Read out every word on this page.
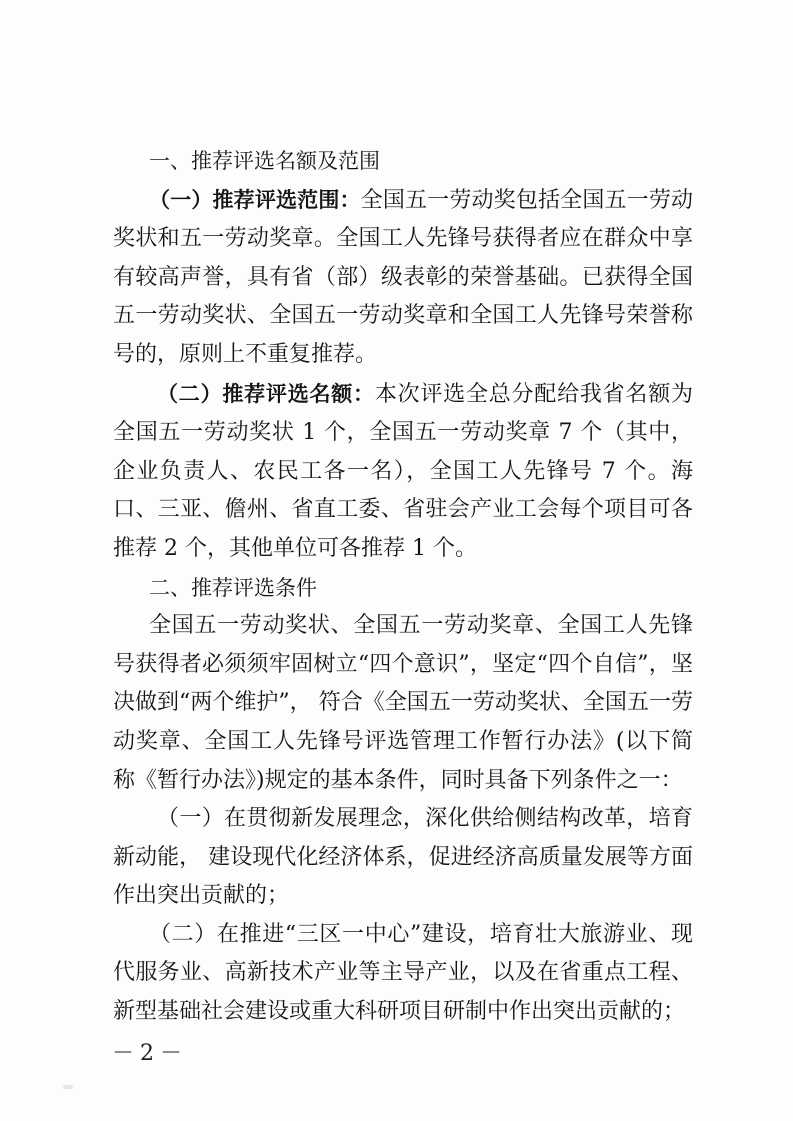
一、推荐评选名额及范围

（一）推荐评选范围：全国五一劳动奖包括全国五一劳动奖状和五一劳动奖章。全国工人先锋号获得者应在群众中享有较高声誉，具有省（部）级表彰的荣誉基础。已获得全国五一劳动奖状、全国五一劳动奖章和全国工人先锋号荣誉称号的，原则上不重复推荐。

（二）推荐评选名额：本次评选全总分配给我省名额为全国五一劳动奖状 1 个，全国五一劳动奖章 7 个（其中，企业负责人、农民工各一名），全国工人先锋号 7 个。海口、三亚、儋州、省直工委、省驻会产业工会每个项目可各推荐 2 个，其他单位可各推荐 1 个。

二、推荐评选条件

全国五一劳动奖状、全国五一劳动奖章、全国工人先锋号获得者必须须牢固树立“四个意识”，坚定“四个自信”，坚决做到“两个维护”， 符合《全国五一劳动奖状、全国五一劳动奖章、全国工人先锋号评选管理工作暂行办法》(以下简称《暂行办法》)规定的基本条件，同时具备下列条件之一：

（一）在贯彻新发展理念，深化供给侧结构改革，培育新动能， 建设现代化经济体系，促进经济高质量发展等方面作出突出贡献的；

（二）在推进“三区一中心”建设，培育壮大旅游业、现代服务业、高新技术产业等主导产业，以及在省重点工程、新型基础社会建设或重大科研项目研制中作出突出贡献的；

－2－
